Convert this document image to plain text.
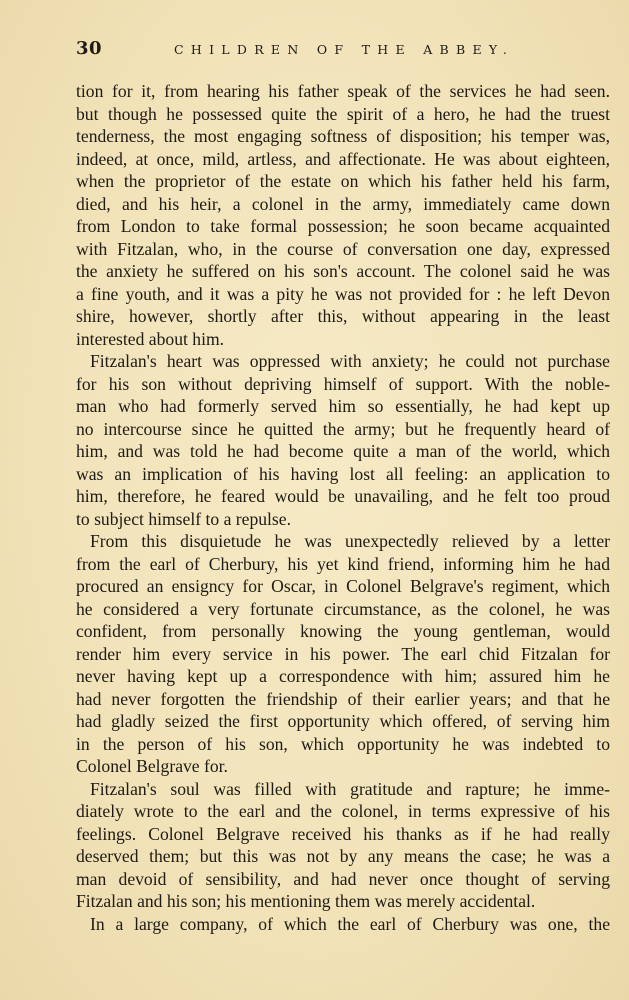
30	CHILDREN OF THE ABBEY.
tion for it, from hearing his father speak of the services he had seen.
but though he possessed quite the spirit of a hero, he had the truest
tenderness, the most engaging softness of disposition; his temper was,
indeed, at once, mild, artless, and affectionate. He was about eighteen,
when the proprietor of the estate on which his father held his farm,
died, and his heir, a colonel in the army, immediately came down
from London to take formal possession; he soon became acquainted
with Fitzalan, who, in the course of conversation one day, expressed
the anxiety he suffered on his son's account. The colonel said he was
a fine youth, and it was a pity he was not provided for : he left Devon
shire, however, shortly after this, without appearing in the least
interested about him.
Fitzalan's heart was oppressed with anxiety; he could not purchase
for his son without depriving himself of support. With the noble-
man who had formerly served him so essentially, he had kept up
no intercourse since he quitted the army; but he frequently heard of
him, and was told he had become quite a man of the world, which
was an implication of his having lost all feeling: an application to
him, therefore, he feared would be unavailing, and he felt too proud
to subject himself to a repulse.
From this disquietude he was unexpectedly relieved by a letter
from the earl of Cherbury, his yet kind friend, informing him he had
procured an ensigncy for Oscar, in Colonel Belgrave's regiment, which
he considered a very fortunate circumstance, as the colonel, he was
confident, from personally knowing the young gentleman, would
render him every service in his power. The earl chid Fitzalan for
never having kept up a correspondence with him; assured him he
had never forgotten the friendship of their earlier years; and that he
had gladly seized the first opportunity which offered, of serving him
in the person of his son, which opportunity he was indebted to
Colonel Belgrave for.
Fitzalan's soul was filled with gratitude and rapture; he imme-
diately wrote to the earl and the colonel, in terms expressive of his
feelings. Colonel Belgrave received his thanks as if he had really
deserved them; but this was not by any means the case; he was a
man devoid of sensibility, and had never once thought of serving
Fitzalan and his son; his mentioning them was merely accidental.
In a large company, of which the earl of Cherbury was one, the
